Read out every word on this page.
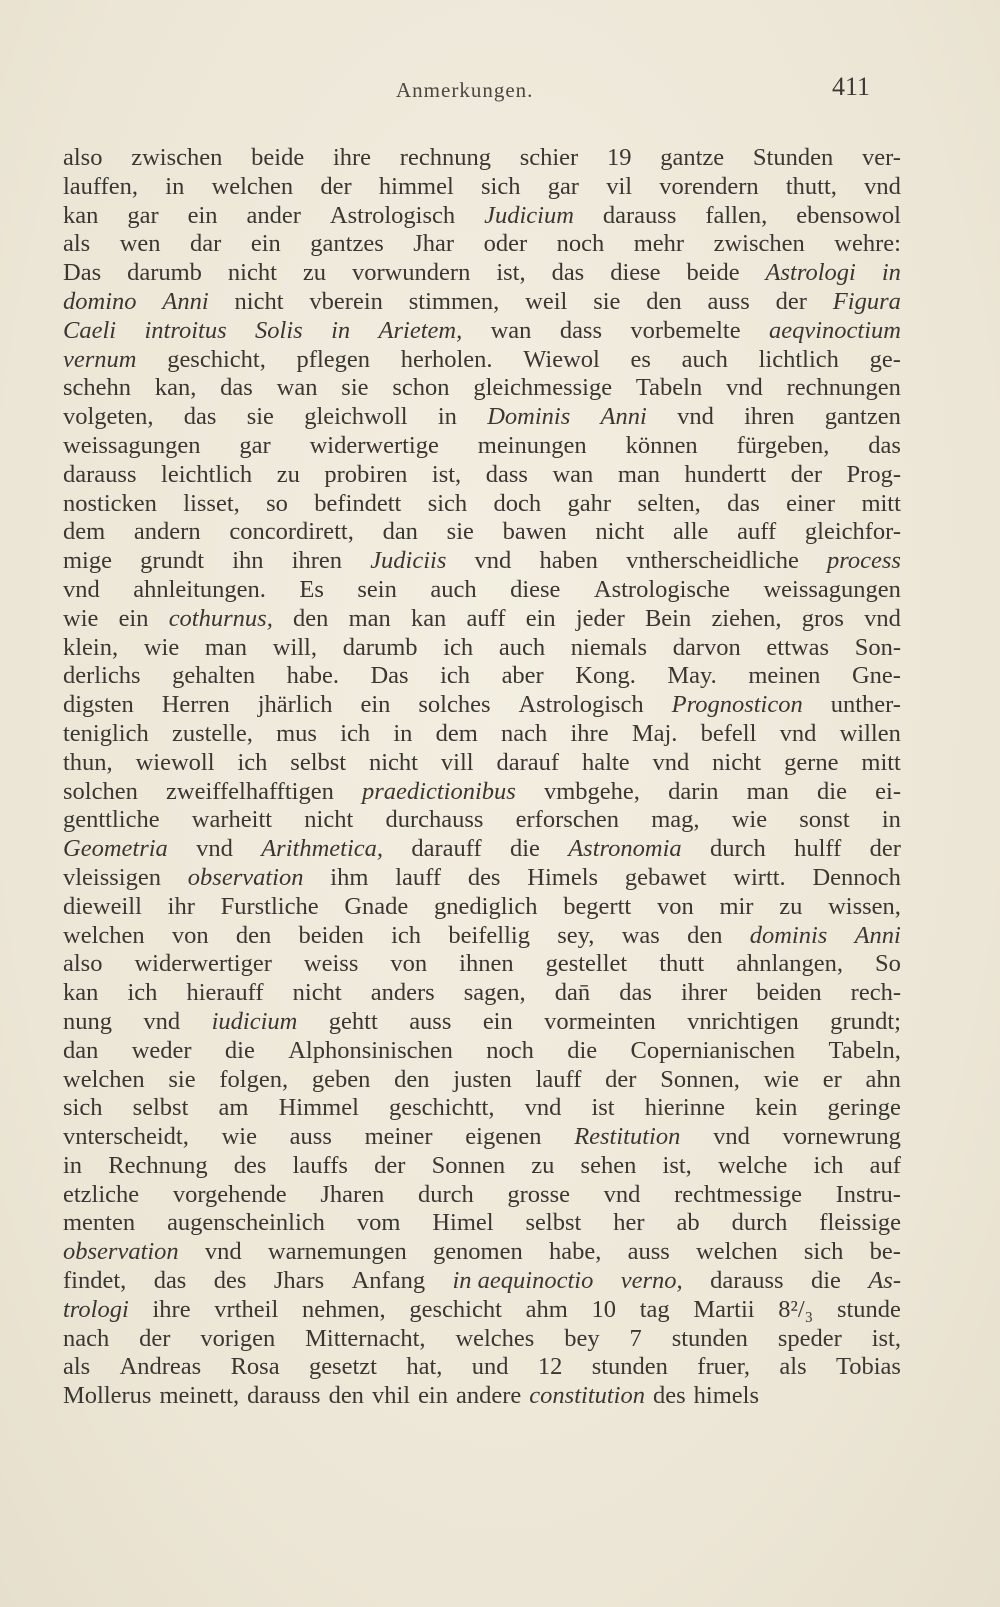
Anmerkungen.	411
also zwischen beide ihre rechnung schier 19 gantze Stunden ver-
lauffen, in welchen der himmel sich gar vil vorendern thutt, vnd
kan gar ein ander Astrologisch Judicium darauss fallen, ebensowol
als wen dar ein gantzes Jhar oder noch mehr zwischen wehre:
Das darumb nicht zu vorwundern ist, das diese beide Astrologi in
domino Anni nicht vberein stimmen, weil sie den auss der Figura
Caeli introitus Solis in Arietem, wan dass vorbemelte aeqvinoctium
vernum geschicht, pflegen herholen. Wiewol es auch lichtlich ge-
schehn kan, das wan sie schon gleichmessige Tabeln vnd rechnungen
volgeten, das sie gleichwoll in Dominis Anni vnd ihren gantzen
weissagungen gar widerwertige meinungen können fürgeben, das
darauss leichtlich zu probiren ist, dass wan man hundertt der Prog-
nosticken lisset, so befindett sich doch gahr selten, das einer mitt
dem andern concordirett, dan sie bawen nicht alle auff gleichfor-
mige grundt ihn ihren Judiciis vnd haben vntherscheidliche process
vnd ahnleitungen. Es sein auch diese Astrologische weissagungen
wie ein cothurnus, den man kan auff ein jeder Bein ziehen, gros vnd
klein, wie man will, darumb ich auch niemals darvon ettwas Son-
derlichs gehalten habe. Das ich aber Kong. May. meinen Gne-
digsten Herren jhärlich ein solches Astrologisch Prognosticon unther-
teniglich zustelle, mus ich in dem nach ihre Maj. befell vnd willen
thun, wiewoll ich selbst nicht vill darauf halte vnd nicht gerne mitt
solchen zweiffelhafftigen praedictionibus vmbgehe, darin man die ei-
genttliche warheitt nicht durchauss erforschen mag, wie sonst in
Geometria vnd Arithmetica, darauff die Astronomia durch hulff der
vleissigen observation ihm lauff des Himels gebawet wirtt. Dennoch
dieweill ihr Furstliche Gnade gnediglich begertt von mir zu wissen,
welchen von den beiden ich beifellig sey, was den dominis Anni
also widerwertiger weiss von ihnen gestellet thutt ahnlangen, So
kan ich hierauff nicht anders sagen, dan̄ das ihrer beiden rech-
nung vnd iudicium gehtt auss ein vormeinten vnrichtigen grundt;
dan weder die Alphonsinischen noch die Copernianischen Tabeln,
welchen sie folgen, geben den justen lauff der Sonnen, wie er ahn
sich selbst am Himmel geschichtt, vnd ist hierinne kein geringe
vnterscheidt, wie auss meiner eigenen Restitution vnd vornewrung
in Rechnung des lauffs der Sonnen zu sehen ist, welche ich auf
etzliche vorgehende Jharen durch grosse vnd rechtmessige Instru-
menten augenscheinlich vom Himel selbst her ab durch fleissige
observation vnd warnemungen genomen habe, auss welchen sich be-
findet, das des Jhars Anfang in aequinoctio verno, darauss die As-
trologi ihre vrtheil nehmen, geschicht ahm 10 tag Martii 8²/₃ stunde
nach der vorigen Mitternacht, welches bey 7 stunden speder ist,
als Andreas Rosa gesetzt hat, und 12 stunden fruer, als Tobias
Mollerus meinett, darauss den vhil ein andere constitution des himels
